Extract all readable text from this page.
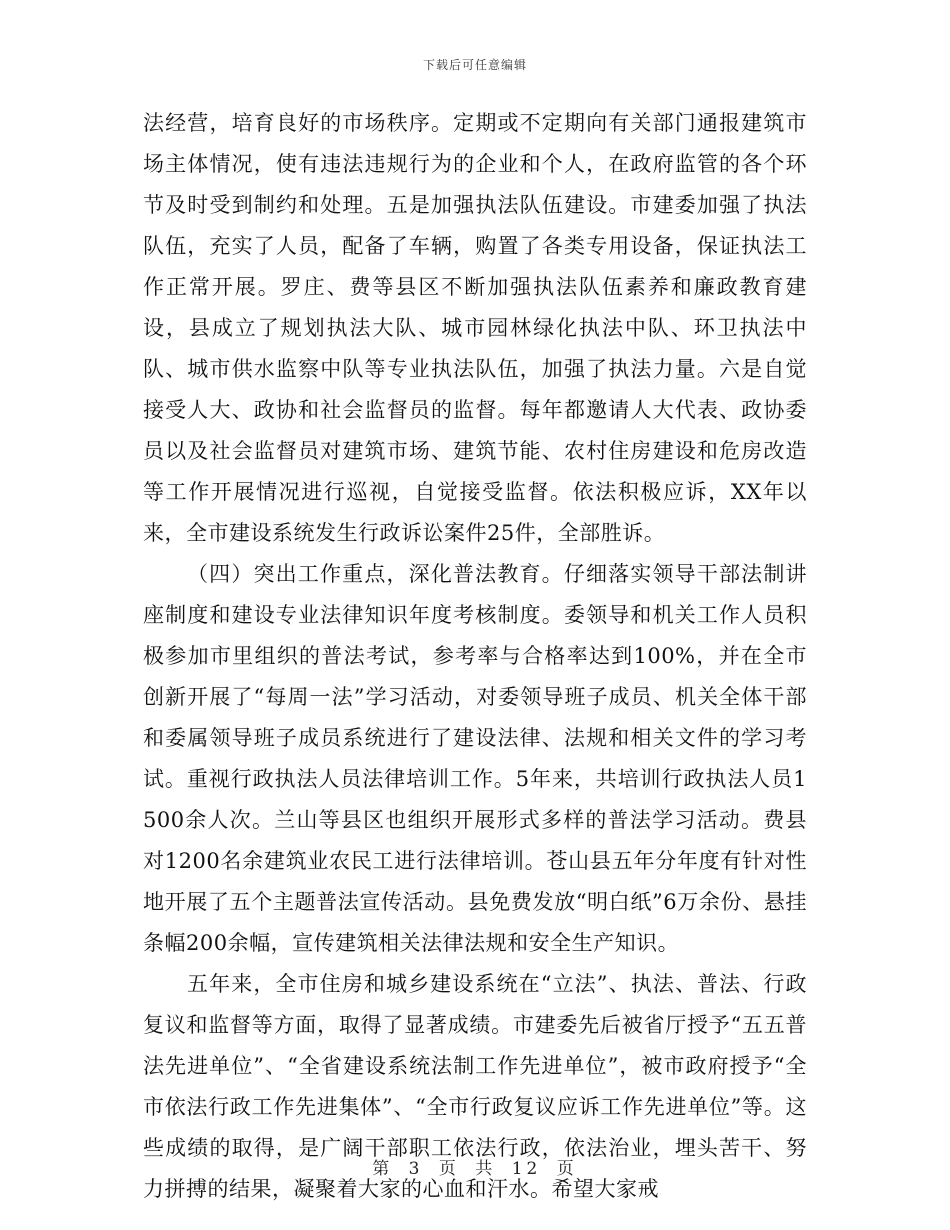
下载后可任意编辑

法经营，培育良好的市场秩序。定期或不定期向有关部门通报建筑市场主体情况，使有违法违规行为的企业和个人，在政府监管的各个环节及时受到制约和处理。五是加强执法队伍建设。市建委加强了执法队伍，充实了人员，配备了车辆，购置了各类专用设备，保证执法工作正常开展。罗庄、费等县区不断加强执法队伍素养和廉政教育建设，县成立了规划执法大队、城市园林绿化执法中队、环卫执法中队、城市供水监察中队等专业执法队伍，加强了执法力量。六是自觉接受人大、政协和社会监督员的监督。每年都邀请人大代表、政协委员以及社会监督员对建筑市场、建筑节能、农村住房建设和危房改造等工作开展情况进行巡视，自觉接受监督。依法积极应诉，XX年以来，全市建设系统发生行政诉讼案件25件，全部胜诉。

（四）突出工作重点，深化普法教育。仔细落实领导干部法制讲座制度和建设专业法律知识年度考核制度。委领导和机关工作人员积极参加市里组织的普法考试，参考率与合格率达到100%，并在全市创新开展了“每周一法”学习活动，对委领导班子成员、机关全体干部和委属领导班子成员系统进行了建设法律、法规和相关文件的学习考试。重视行政执法人员法律培训工作。5年来，共培训行政执法人员1500余人次。兰山等县区也组织开展形式多样的普法学习活动。费县对1200名余建筑业农民工进行法律培训。苍山县五年分年度有针对性地开展了五个主题普法宣传活动。县免费发放“明白纸”6万余份、悬挂条幅200余幅，宣传建筑相关法律法规和安全生产知识。

五年来，全市住房和城乡建设系统在“立法”、执法、普法、行政复议和监督等方面，取得了显著成绩。市建委先后被省厅授予“五五普法先进单位”、“全省建设系统法制工作先进单位”，被市政府授予“全市依法行政工作先进集体”、“全市行政复议应诉工作先进单位”等。这些成绩的取得，是广阔干部职工依法行政，依法治业，埋头苦干、努力拼搏的结果，凝聚着大家的心血和汗水。希望大家戒

第 3 页 共 12 页
